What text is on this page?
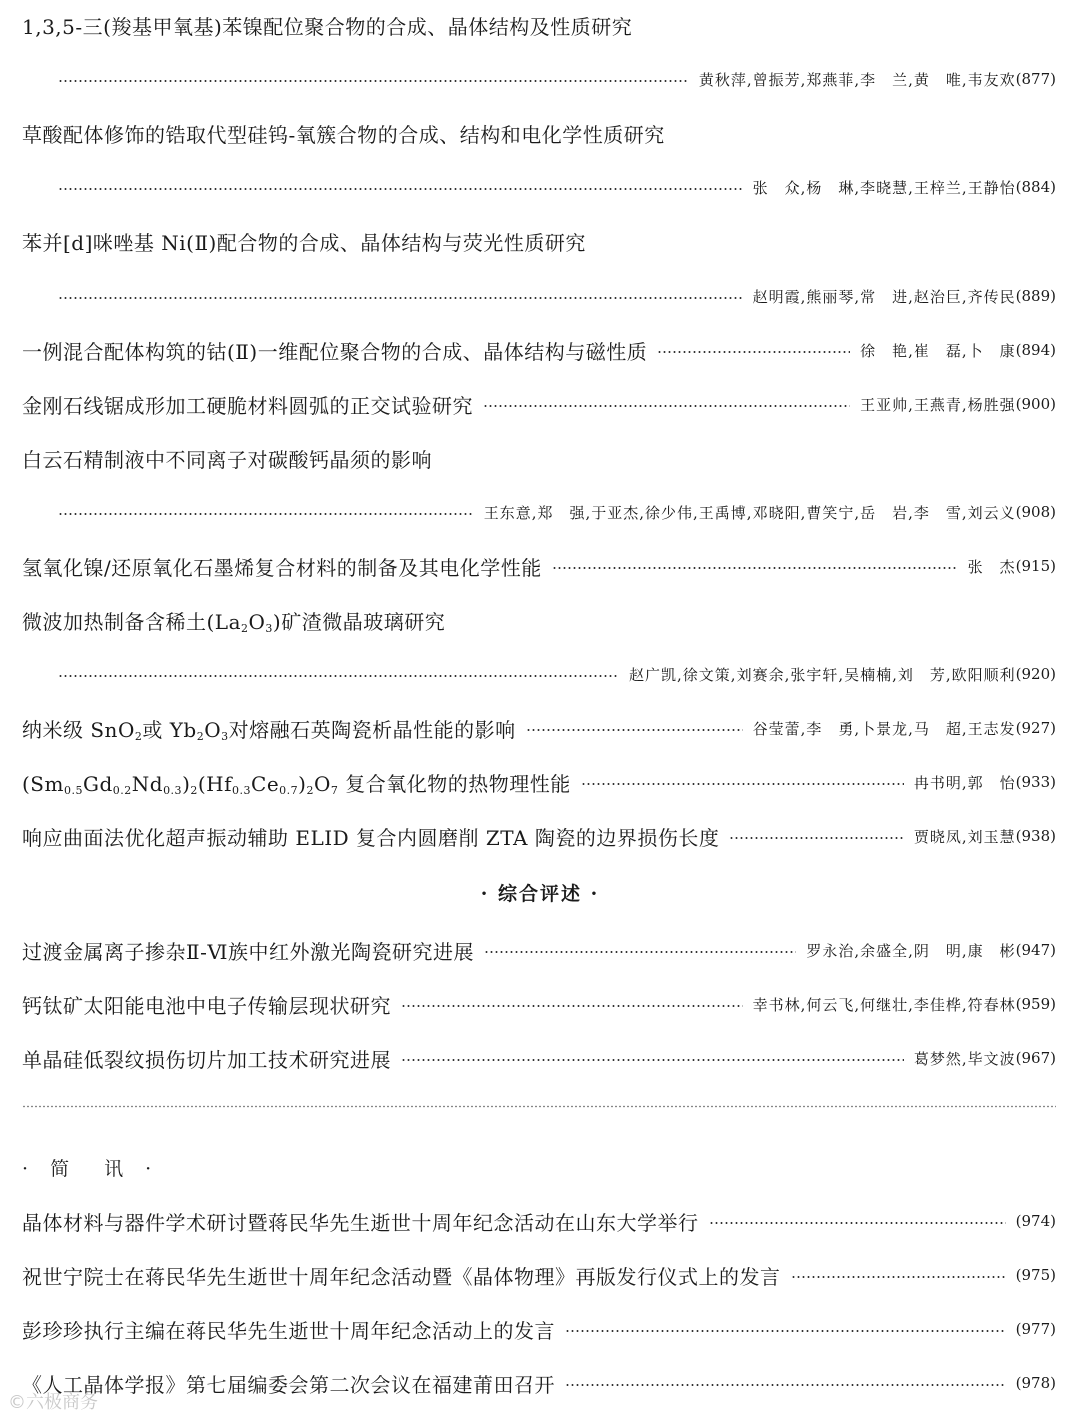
1,3,5-三(羧基甲氧基)苯镍配位聚合物的合成、晶体结构及性质研究
黄秋萍,曾振芳,郑燕菲,李　兰,黄　唯,韦友欢 (877)
草酸配体修饰的锆取代型硅钨-氧簇合物的合成、结构和电化学性质研究
张　众,杨　琳,李晓慧,王梓兰,王静怡 (884)
苯并[d]咪唑基 Ni(Ⅱ)配合物的合成、晶体结构与荧光性质研究
赵明霞,熊丽琴,常　进,赵治巨,齐传民 (889)
一例混合配体构筑的钴(Ⅱ)一维配位聚合物的合成、晶体结构与磁性质	徐　艳,崔　磊,卜　康 (894)
金刚石线锯成形加工硬脆材料圆弧的正交试验研究	王亚帅,王燕青,杨胜强 (900)
白云石精制液中不同离子对碳酸钙晶须的影响
王东意,郑　强,于亚杰,徐少伟,王禹博,邓晓阳,曹笑宁,岳　岩,李　雪,刘云义 (908)
氢氧化镍/还原氧化石墨烯复合材料的制备及其电化学性能	张　杰 (915)
微波加热制备含稀土$(La_2O_3)$矿渣微晶玻璃研究
赵广凯,徐文策,刘赛余,张宇轩,吴楠楠,刘　芳,欧阳顺利 (920)
纳米级 SnO$_2$或 $Yb_2O_3$对熔融石英陶瓷析晶性能的影响	谷莹蕾,李　勇,卜景龙,马　超,王志发 (927)
$(Sm_{0.5}Gd_{0.2}Nd_{0.3})_2(Hf_{0.3}Ce_{0.7})_2O_7$ 复合氧化物的热物理性能	冉书明,郭　怡 (933)
响应曲面法优化超声振动辅助 ELID 复合内圆磨削 ZTA 陶瓷的边界损伤长度	贾晓凤,刘玉慧 (938)
· 综合评述 ·
过渡金属离子掺杂Ⅱ-Ⅵ族中红外激光陶瓷研究进展	罗永治,余盛全,阴　明,康　彬 (947)
钙钛矿太阳能电池中电子传输层现状研究	幸书林,何云飞,何继壮,李佳桦,符春林 (959)
单晶硅低裂纹损伤切片加工技术研究进展	葛梦然,毕文波 (967)
· 简　讯 ·
晶体材料与器件学术研讨暨蒋民华先生逝世十周年纪念活动在山东大学举行	(974)
祝世宁院士在蒋民华先生逝世十周年纪念活动暨《晶体物理》再版发行仪式上的发言	(975)
彭珍珍执行主编在蒋民华先生逝世十周年纪念活动上的发言	(977)
《人工晶体学报》第七届编委会第二次会议在福建莆田召开	(978)
©六极商务
